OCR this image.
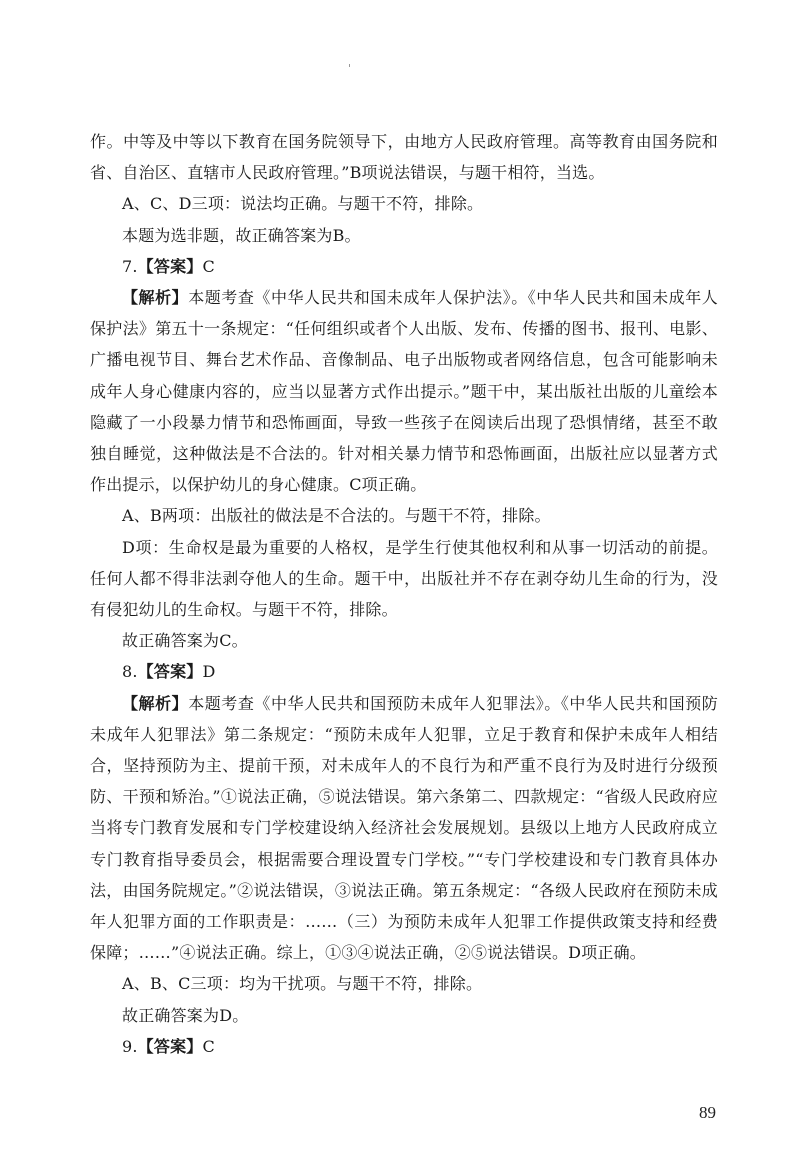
作。中等及中等以下教育在国务院领导下，由地方人民政府管理。高等教育由国务院和省、自治区、直辖市人民政府管理。”B项说法错误，与题干相符，当选。

A、C、D三项：说法均正确。与题干不符，排除。

本题为选非题，故正确答案为B。

7.【答案】C

【解析】本题考查《中华人民共和国未成年人保护法》。《中华人民共和国未成年人保护法》第五十一条规定：“任何组织或者个人出版、发布、传播的图书、报刊、电影、广播电视节目、舞台艺术作品、音像制品、电子出版物或者网络信息，包含可能影响未成年人身心健康内容的，应当以显著方式作出提示。”题干中，某出版社出版的儿童绘本隐藏了一小段暴力情节和恐怖画面，导致一些孩子在阅读后出现了恐惧情绪，甚至不敢独自睡觉，这种做法是不合法的。针对相关暴力情节和恐怖画面，出版社应以显著方式作出提示，以保护幼儿的身心健康。C项正确。

A、B两项：出版社的做法是不合法的。与题干不符，排除。

D项：生命权是最为重要的人格权，是学生行使其他权利和从事一切活动的前提。任何人都不得非法剥夺他人的生命。题干中，出版社并不存在剥夺幼儿生命的行为，没有侵犯幼儿的生命权。与题干不符，排除。

故正确答案为C。

8.【答案】D

【解析】本题考查《中华人民共和国预防未成年人犯罪法》。《中华人民共和国预防未成年人犯罪法》第二条规定：“预防未成年人犯罪，立足于教育和保护未成年人相结合，坚持预防为主、提前干预，对未成年人的不良行为和严重不良行为及时进行分级预防、干预和矫治。”①说法正确，⑤说法错误。第六条第二、四款规定：“省级人民政府应当将专门教育发展和专门学校建设纳入经济社会发展规划。县级以上地方人民政府成立专门教育指导委员会，根据需要合理设置专门学校。”“专门学校建设和专门教育具体办法，由国务院规定。”②说法错误，③说法正确。第五条规定：“各级人民政府在预防未成年人犯罪方面的工作职责是：……（三）为预防未成年人犯罪工作提供政策支持和经费保障；……”④说法正确。综上，①③④说法正确，②⑤说法错误。D项正确。

A、B、C三项：均为干扰项。与题干不符，排除。

故正确答案为D。

9.【答案】C

89
